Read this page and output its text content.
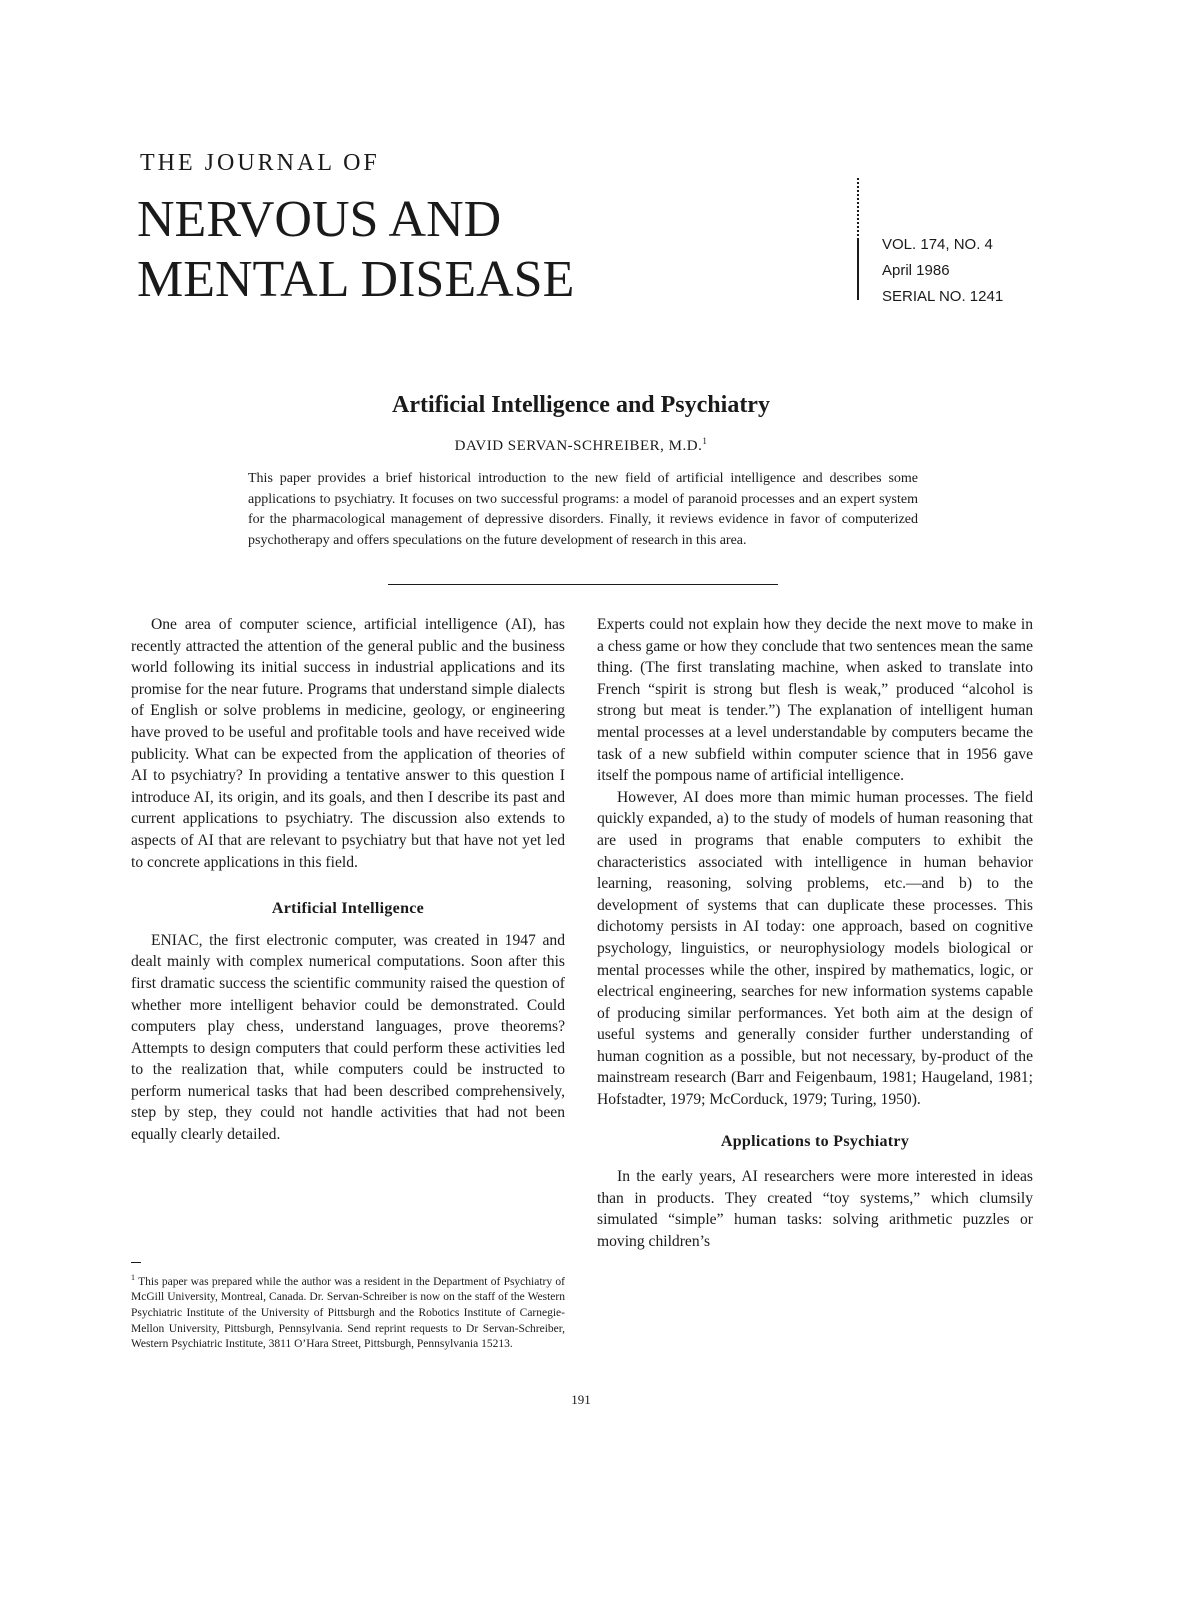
THE JOURNAL OF
NERVOUS AND
MENTAL DISEASE
VOL. 174, NO. 4
April 1986
SERIAL NO. 1241
Artificial Intelligence and Psychiatry
DAVID SERVAN-SCHREIBER, M.D.$^1$
This paper provides a brief historical introduction to the new field of artificial intelligence and describes some applications to psychiatry. It focuses on two successful programs: a model of paranoid processes and an expert system for the pharmacological management of depressive disorders. Finally, it reviews evidence in favor of computerized psychotherapy and offers speculations on the future development of research in this area.

One area of computer science, artificial intelligence (AI), has recently attracted the attention of the general public and the business world following its initial success in industrial applications and its promise for the near future. Programs that understand simple dialects of English or solve problems in medicine, geology, or engineering have proved to be useful and profitable tools and have received wide publicity. What can be expected from the application of theories of AI to psychiatry? In providing a tentative answer to this question I introduce AI, its origin, and its goals, and then I describe its past and current applications to psychiatry. The discussion also extends to aspects of AI that are relevant to psychiatry but that have not yet led to concrete applications in this field.

Artificial Intelligence

ENIAC, the first electronic computer, was created in 1947 and dealt mainly with complex numerical computations. Soon after this first dramatic success the scientific community raised the question of whether more intelligent behavior could be demonstrated. Could computers play chess, understand languages, prove theorems? Attempts to design computers that could perform these activities led to the realization that, while computers could be instructed to perform numerical tasks that had been described comprehensively, step by step, they could not handle activities that had not been equally clearly detailed.

Experts could not explain how they decide the next move to make in a chess game or how they conclude that two sentences mean the same thing. (The first translating machine, when asked to translate into French “spirit is strong but flesh is weak,” produced “alcohol is strong but meat is tender.”) The explanation of intelligent human mental processes at a level understandable by computers became the task of a new subfield within computer science that in 1956 gave itself the pompous name of artificial intelligence.

However, AI does more than mimic human processes. The field quickly expanded, a) to the study of models of human reasoning that are used in programs that enable computers to exhibit the characteristics associated with intelligence in human behavior learning, reasoning, solving problems, etc.—and b) to the development of systems that can duplicate these processes. This dichotomy persists in AI today: one approach, based on cognitive psychology, linguistics, or neurophysiology models biological or mental processes while the other, inspired by mathematics, logic, or electrical engineering, searches for new information systems capable of producing similar performances. Yet both aim at the design of useful systems and generally consider further understanding of human cognition as a possible, but not necessary, by-product of the mainstream research (Barr and Feigenbaum, 1981; Haugeland, 1981; Hofstadter, 1979; McCorduck, 1979; Turing, 1950).

Applications to Psychiatry

In the early years, AI researchers were more interested in ideas than in products. They created “toy systems,” which clumsily simulated “simple” human tasks: solving arithmetic puzzles or moving children’s

$^1$ This paper was prepared while the author was a resident in the Department of Psychiatry of McGill University, Montreal, Canada. Dr. Servan-Schreiber is now on the staff of the Western Psychiatric Institute of the University of Pittsburgh and the Robotics Institute of Carnegie-Mellon University, Pittsburgh, Pennsylvania. Send reprint requests to Dr Servan-Schreiber, Western Psychiatric Institute, 3811 O’Hara Street, Pittsburgh, Pennsylvania 15213.
191
